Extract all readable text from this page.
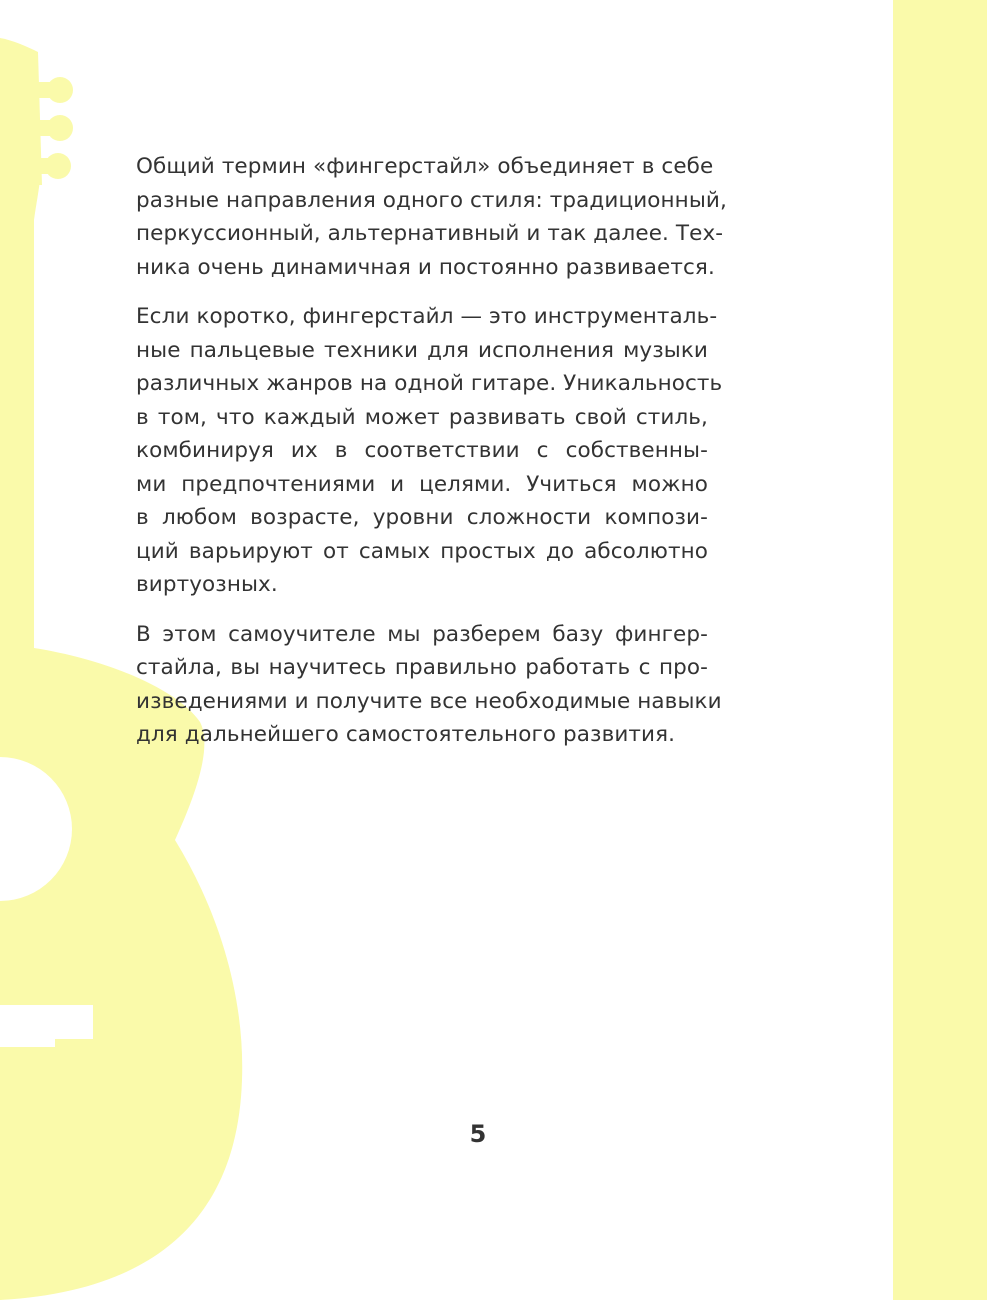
Общий термин «фингерстайл» объединяет в себе
разные направления одного стиля: традиционный,
перкуссионный, альтернативный и так далее. Тех-
ника очень динамичная и постоянно развивается.

Если коротко, фингерстайл — это инструменталь-
ные пальцевые техники для исполнения музыки
различных жанров на одной гитаре. Уникальность
в том, что каждый может развивать свой стиль,
комбинируя их в соответствии с собственны-
ми предпочтениями и целями. Учиться можно
в любом возрасте, уровни сложности компози-
ций варьируют от самых простых до абсолютно
виртуозных.

В этом самоучителе мы разберем базу фингер-
стайла, вы научитесь правильно работать с про-
изведениями и получите все необходимые навыки
для дальнейшего самостоятельного развития.

5
